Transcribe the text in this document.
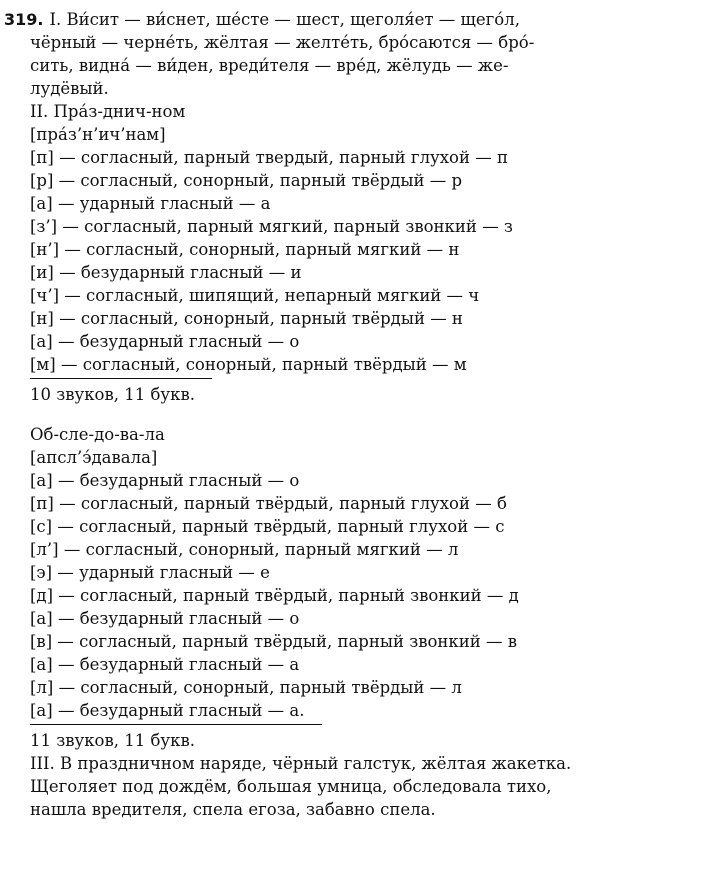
319. I. Ви́сит — ви́снет, ше́сте — шест, щеголя́ет — щего́л,
чёрный — черне́ть, жёлтая — желте́ть, бро́саются — бро́-
сить, видна́ — ви́ден, вреди́теля — вре́д, жёлудь — же-
лудёвый.
II. Пра́з-днич-ном
[пра́з’н’ич’нам]
[п] — согласный, парный твердый, парный глухой — п
[р] — согласный, сонорный, парный твёрдый — р
[а] — ударный гласный — а
[з’] — согласный, парный мягкий, парный звонкий — з
[н’] — согласный, сонорный, парный мягкий — н
[и] — безударный гласный — и
[ч’] — согласный, шипящий, непарный мягкий — ч
[н] — согласный, сонорный, парный твёрдый — н
[а] — безударный гласный — о
[м] — согласный, сонорный, парный твёрдый — м
10 звуков, 11 букв.
Об-сле-до-ва-ла
[апсл’э́давала]
[а] — безударный гласный — о
[п] — согласный, парный твёрдый, парный глухой — б
[с] — согласный, парный твёрдый, парный глухой — с
[л’] — согласный, сонорный, парный мягкий — л
[э] — ударный гласный — е
[д] — согласный, парный твёрдый, парный звонкий — д
[а] — безударный гласный — о
[в] — согласный, парный твёрдый, парный звонкий — в
[а] — безударный гласный — а
[л] — согласный, сонорный, парный твёрдый — л
[а] — безударный гласный — а.
11 звуков, 11 букв.
III. В праздничном наряде, чёрный галстук, жёлтая жакетка.
Щеголяет под дождём, большая умница, обследовала тихо,
нашла вредителя, спела егоза, забавно спела.
